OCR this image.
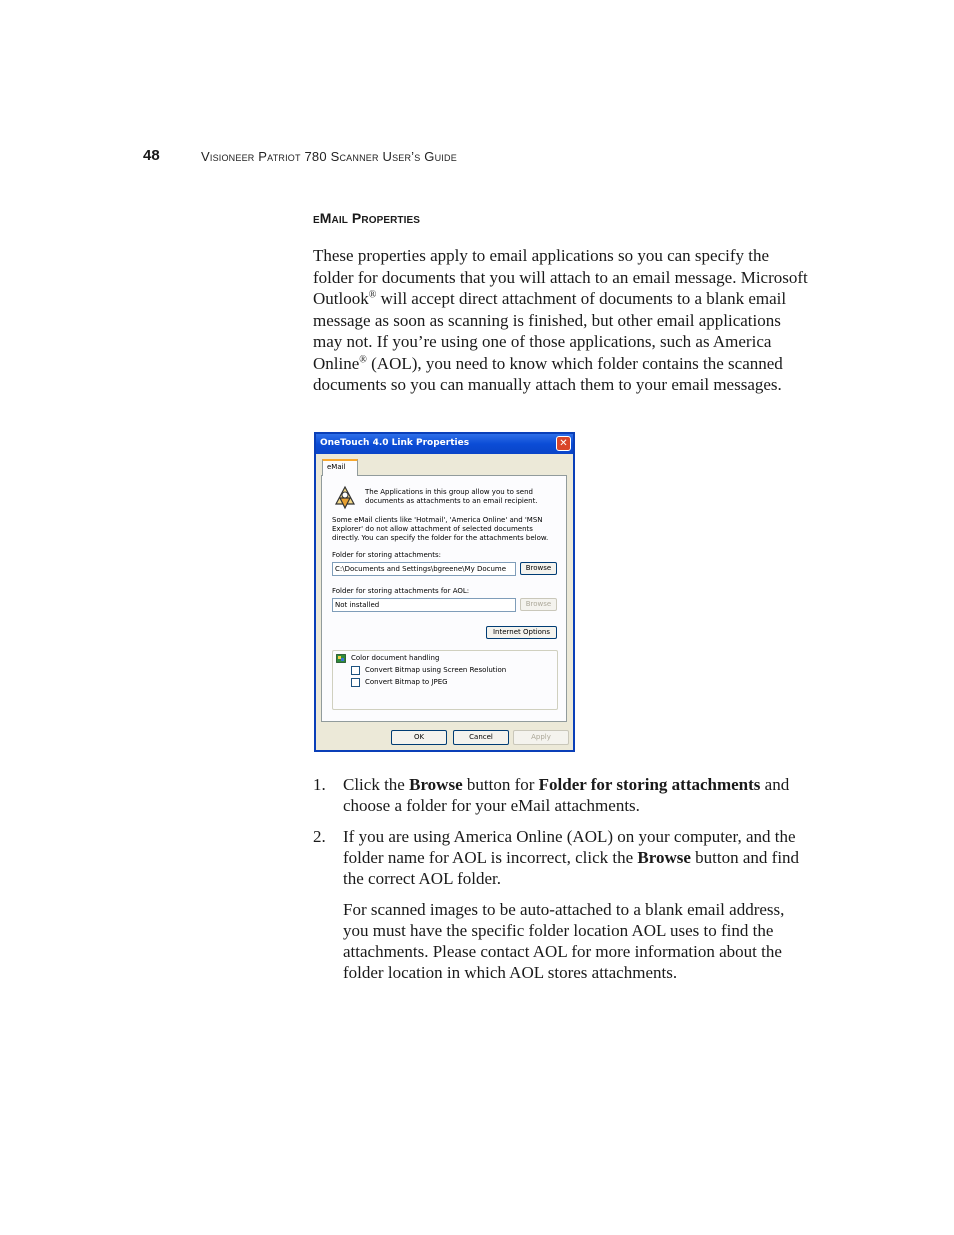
48	Visioneer Patriot 780 Scanner User’s Guide

eMail Properties

These properties apply to email applications so you can specify the folder for documents that you will attach to an email message. Microsoft Outlook® will accept direct attachment of documents to a blank email message as soon as scanning is finished, but other email applications may not. If you’re using one of those applications, such as America Online® (AOL), you need to know which folder contains the scanned documents so you can manually attach them to your email messages.

OneTouch 4.0 Link Properties	✕

The Applications in this group allow you to send documents as attachments to an email recipient.

Some eMail clients like 'Hotmail', 'America Online' and 'MSN Explorer' do not allow attachment of selected documents directly. You can specify the folder for the attachments below.

Folder for storing attachments:

C:\Documents and Settings\bgreene\My Docume	Browse

Folder for storing attachments for AOL:

Not installed	Browse
Internet Options

Color document handling

Convert Bitmap using Screen Resolution

Convert Bitmap to JPEG

eMail
OK	Cancel	Apply
1. Click the Browse button for Folder for storing attachments and choose a folder for your eMail attachments.
2. If you are using America Online (AOL) on your computer, and the folder name for AOL is incorrect, click the Browse button and find the correct AOL folder.

For scanned images to be auto-attached to a blank email address, you must have the specific folder location AOL uses to find the attachments. Please contact AOL for more information about the folder location in which AOL stores attachments.
